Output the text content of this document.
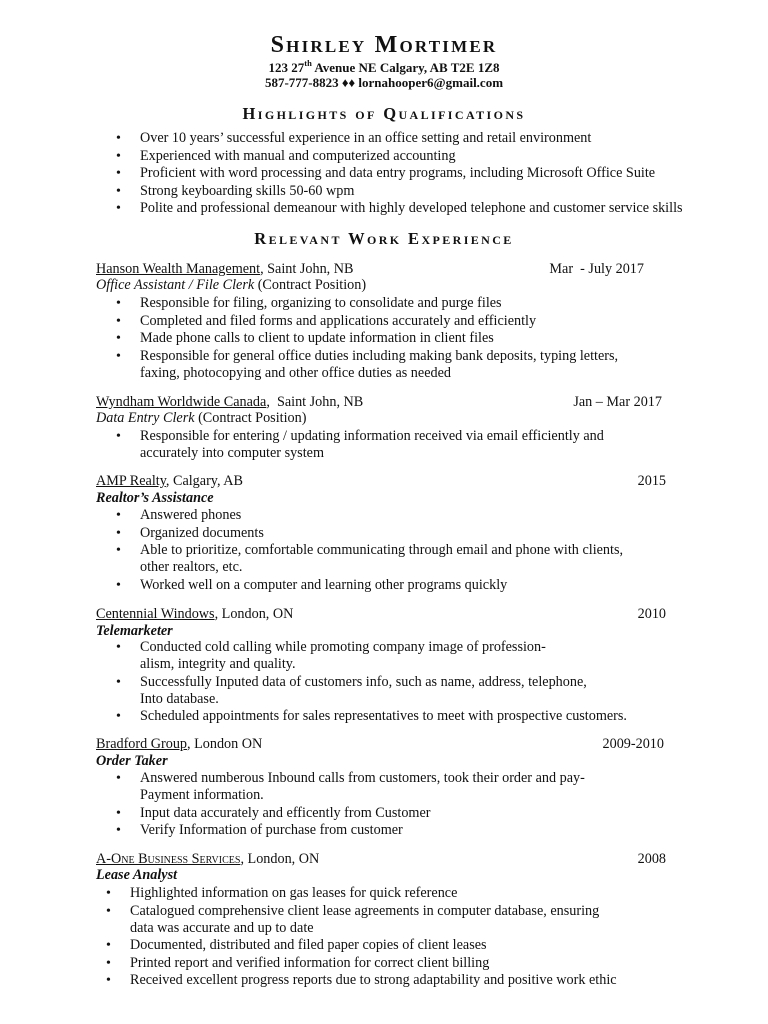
Shirley Mortimer
123 27th Avenue NE Calgary, AB T2E 1Z8
587-777-8823 ♦♦ lornahooper6@gmail.com
Highlights of Qualifications
• Over 10 years’ successful experience in an office setting and retail environment
• Experienced with manual and computerized accounting
• Proficient with word processing and data entry programs, including Microsoft Office Suite
• Strong keyboarding skills 50-60 wpm
• Polite and professional demeanour with highly developed telephone and customer service skills
Relevant Work Experience
Hanson Wealth Management, Saint John, NB	Mar  - July 2017
Office Assistant / File Clerk (Contract Position)
• Responsible for filing, organizing to consolidate and purge files
• Completed and filed forms and applications accurately and efficiently
• Made phone calls to client to update information in client files
• Responsible for general office duties including making bank deposits, typing letters, faxing, photocopying and other office duties as needed
Wyndham Worldwide Canada,  Saint John, NB	Jan – Mar 2017
Data Entry Clerk (Contract Position)
• Responsible for entering / updating information received via email efficiently and accurately into computer system
AMP Realty, Calgary, AB	2015
Realtor’s Assistance
• Answered phones
• Organized documents
• Able to prioritize, comfortable communicating through email and phone with clients, other realtors, etc.
• Worked well on a computer and learning other programs quickly
Centennial Windows, London, ON	2010
Telemarketer
• Conducted cold calling while promoting company image of profession- alism, integrity and quality.
• Successfully Inputed data of customers info, such as name, address, telephone, Into database.
• Scheduled appointments for sales representatives to meet with prospective customers.
Bradford Group, London ON	2009-2010
Order Taker
• Answered numberous Inbound calls from customers, took their order and pay- Payment information.
• Input data accurately and efficently from Customer
• Verify Information of purchase from customer
A-One Business Services, London, ON	2008
Lease Analyst
• Highlighted information on gas leases for quick reference
• Catalogued comprehensive client lease agreements in computer database, ensuring data was accurate and up to date
• Documented, distributed and filed paper copies of client leases
• Printed report and verified information for correct client billing
• Received excellent progress reports due to strong adaptability and positive work ethic
